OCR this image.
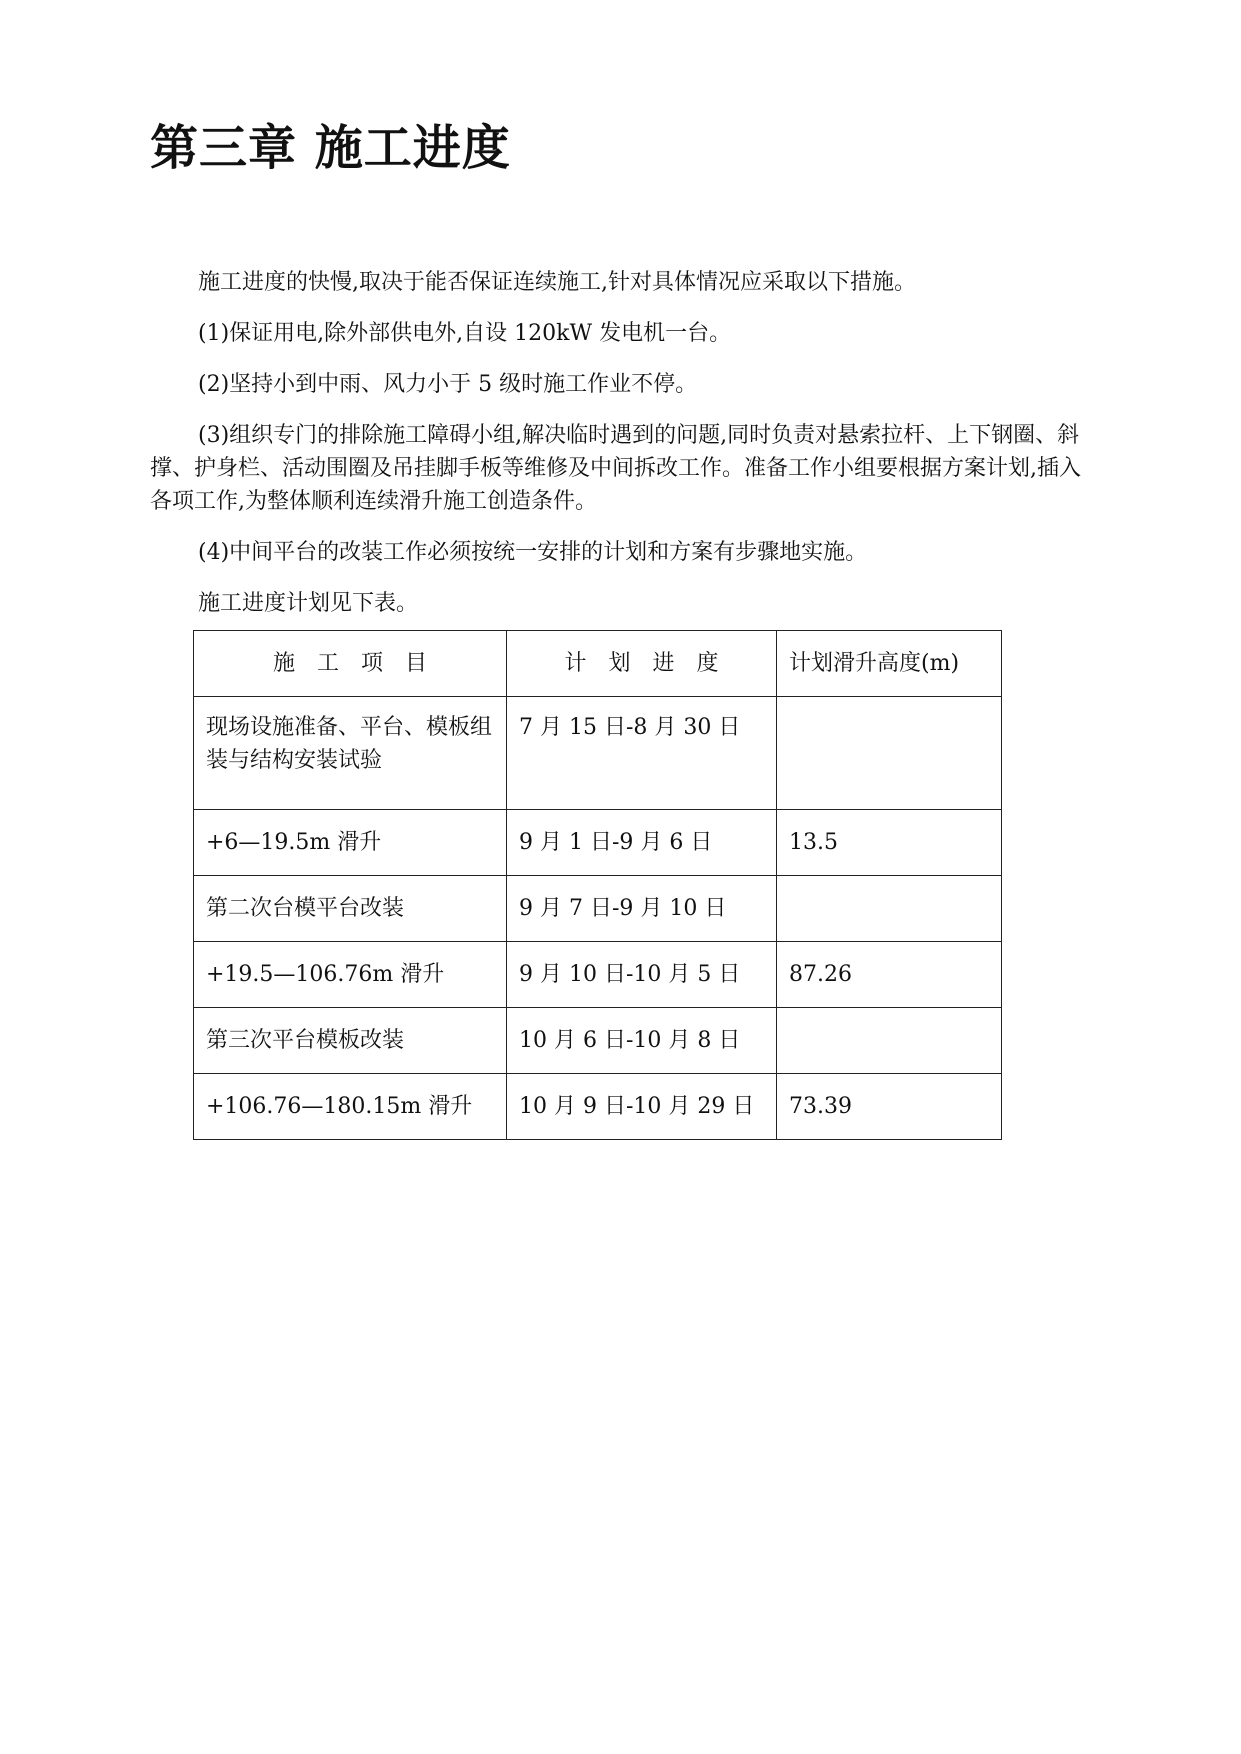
第三章 施工进度

施工进度的快慢,取决于能否保证连续施工,针对具体情况应采取以下措施。

(1)保证用电,除外部供电外,自设 120kW 发电机一台。

(2)坚持小到中雨、风力小于 5 级时施工作业不停。

(3)组织专门的排除施工障碍小组,解决临时遇到的问题,同时负责对悬索拉杆、上下钢圈、斜撑、护身栏、活动围圈及吊挂脚手板等维修及中间拆改工作。准备工作小组要根据方案计划,插入各项工作,为整体顺利连续滑升施工创造条件。

(4)中间平台的改装工作必须按统一安排的计划和方案有步骤地实施。

施工进度计划见下表。

施　工　项　目	计　划　进　度	计划滑升高度(m)
现场设施准备、平台、模板组装与结构安装试验	7 月 15 日-8 月 30 日	
+6—19.5m 滑升	9 月 1 日-9 月 6 日	13.5
第二次台模平台改装	9 月 7 日-9 月 10 日	
+19.5—106.76m 滑升	9 月 10 日-10 月 5 日	87.26
第三次平台模板改装	10 月 6 日-10 月 8 日	
+106.76—180.15m 滑升	10 月 9 日-10 月 29 日	73.39
